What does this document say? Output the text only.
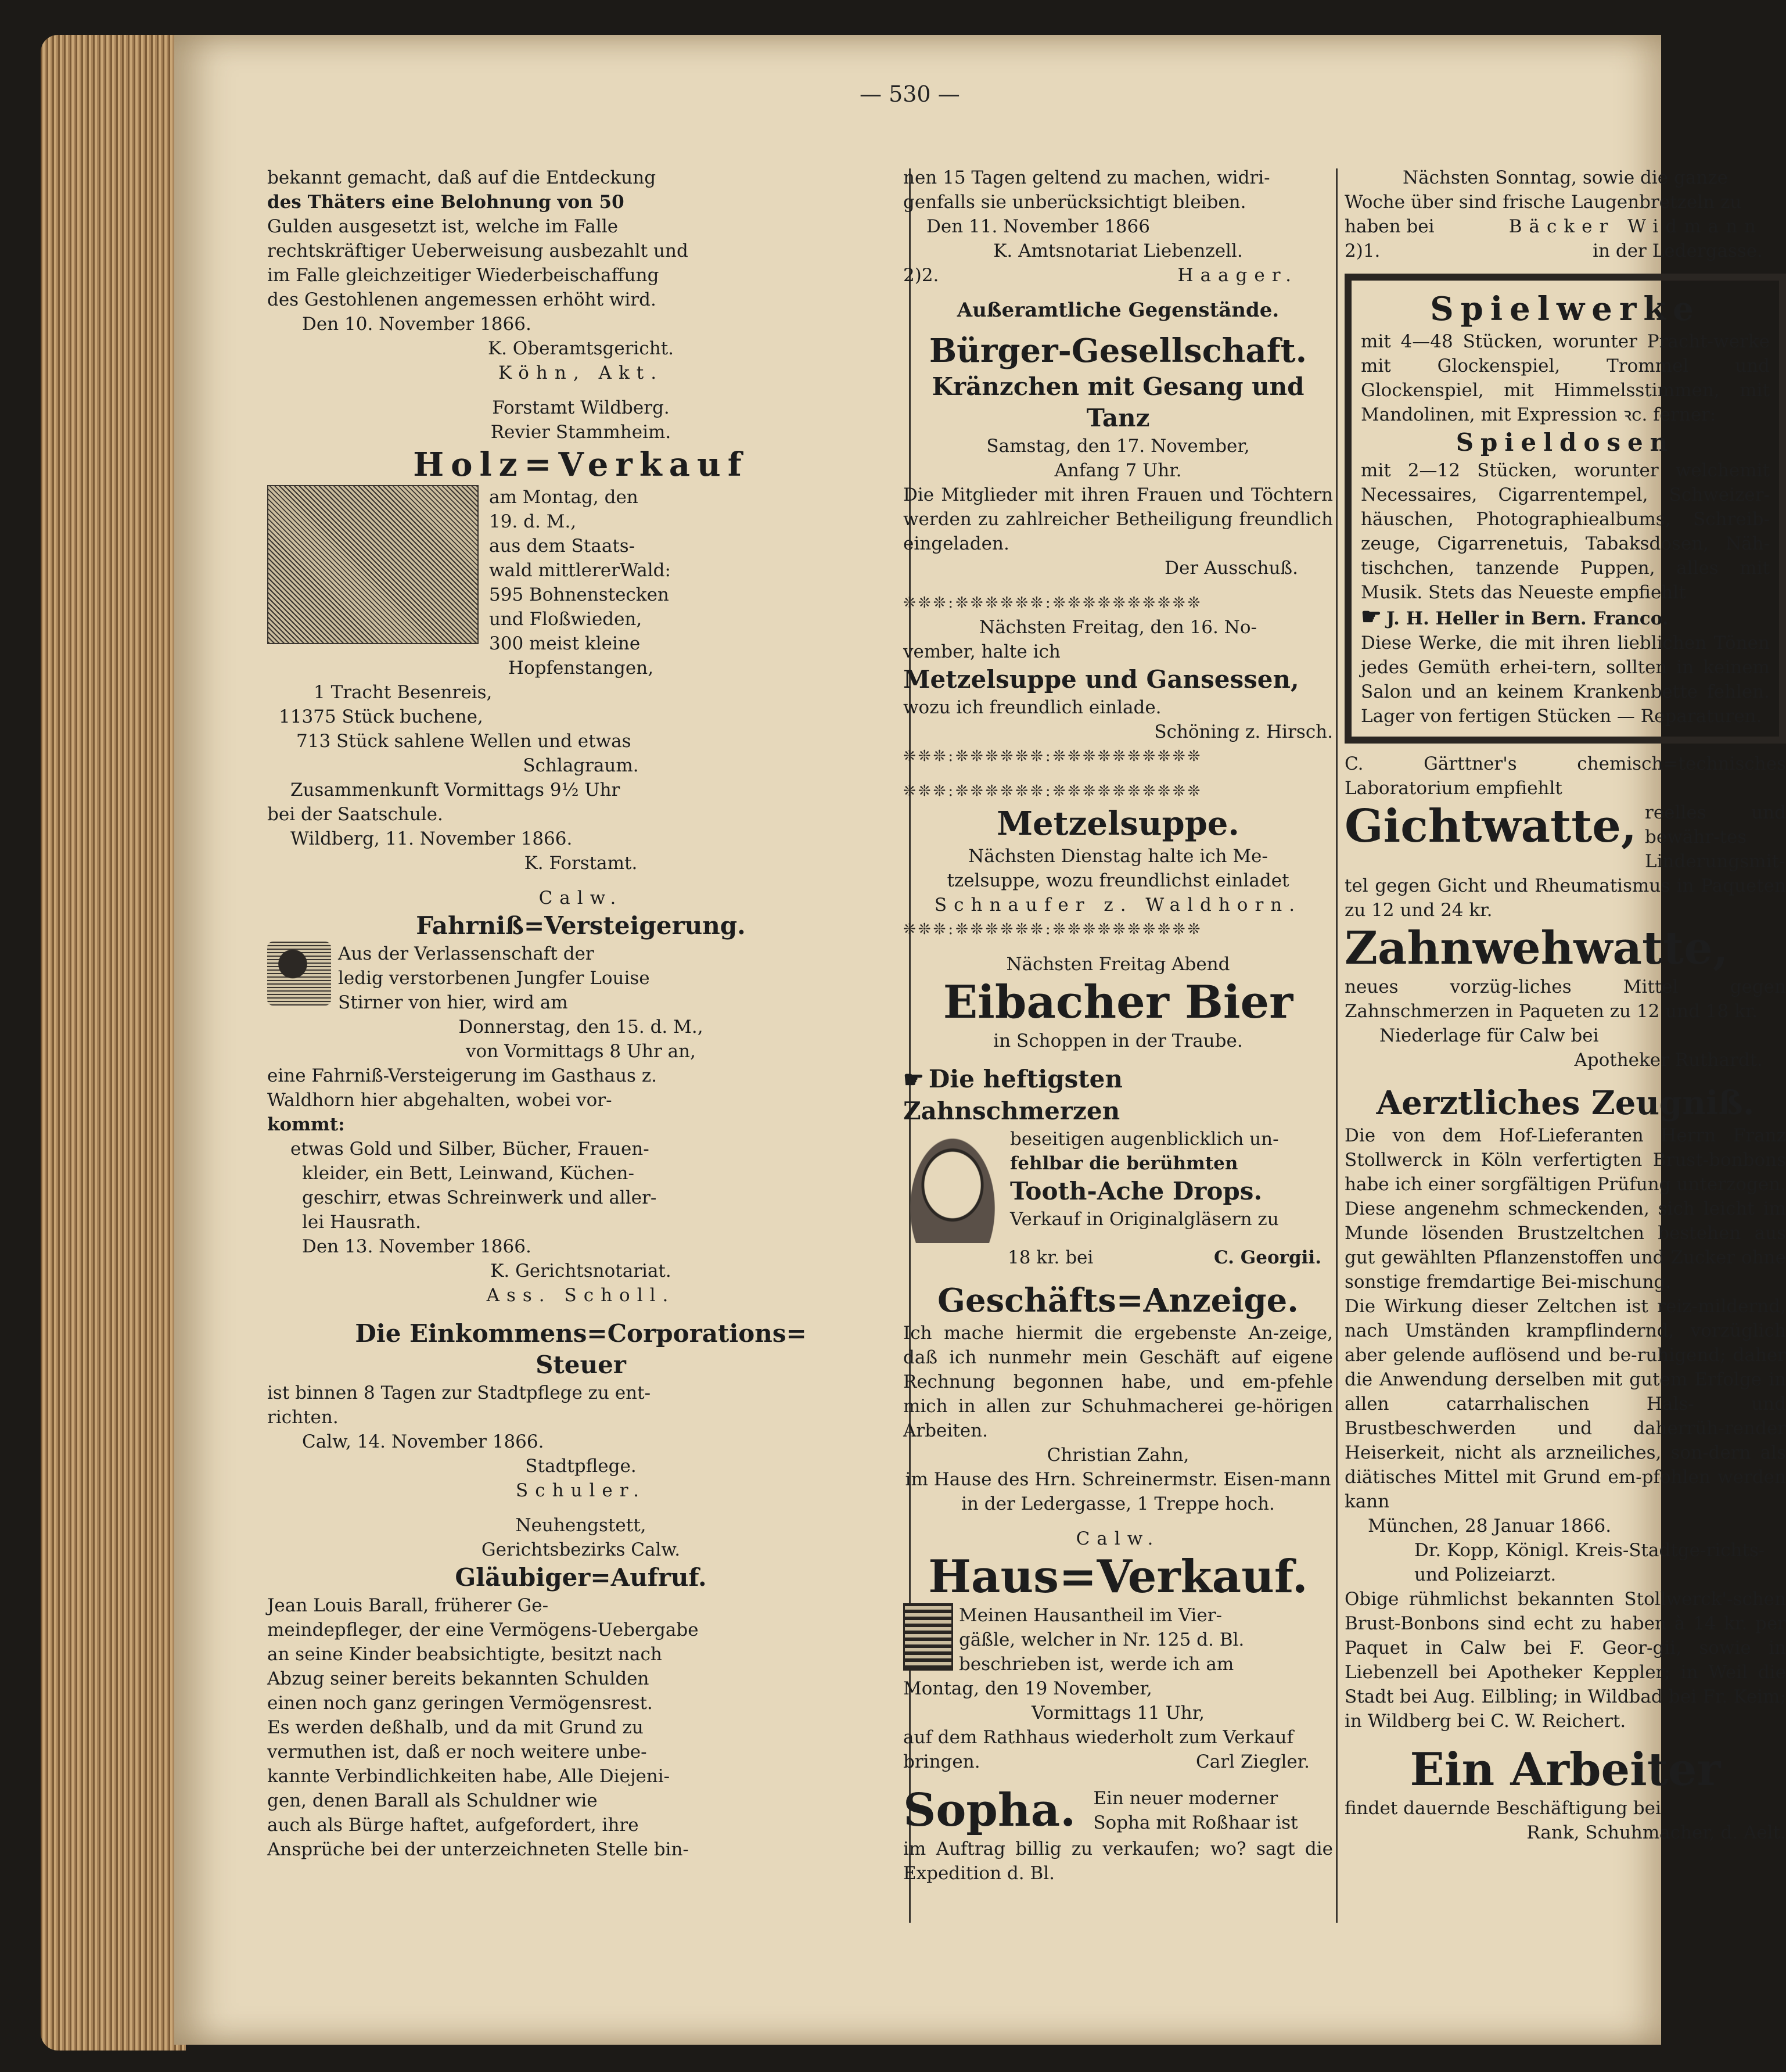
— 530 —
bekannt gemacht, daß auf die Entdeckung
des Thäters eine Belohnung von 50
Gulden ausgesetzt ist, welche im Falle
rechtskräftiger Ueberweisung ausbezahlt und
im Falle gleichzeitiger Wiederbeischaffung
des Gestohlenen angemessen erhöht wird.
Den 10. November 1866.
K. Oberamtsgericht.
Köhn, Akt.
Forstamt Wildberg.
Revier Stammheim.
Holz=Verkauf
am Montag, den
19. d. M.,
aus dem Staats-
wald mittlererWald:
595 Bohnenstecken
und Floßwieden,
300 meist kleine
Hopfenstangen,
1 Tracht Besenreis,
11375 Stück buchene,
713 Stück sahlene Wellen und etwas
Schlagraum.
Zusammenkunft Vormittags 9½ Uhr
bei der Saatschule.
Wildberg, 11. November 1866.
K. Forstamt.
Calw.
Fahrniß=Versteigerung.
Aus der Verlassenschaft der
ledig verstorbenen Jungfer Louise
Stirner von hier, wird am
Donnerstag, den 15. d. M.,
von Vormittags 8 Uhr an,
eine Fahrniß-Versteigerung im Gasthaus z.
Waldhorn hier abgehalten, wobei vor-
kommt:
etwas Gold und Silber, Bücher, Frauen-
kleider, ein Bett, Leinwand, Küchen-
geschirr, etwas Schreinwerk und aller-
lei Hausrath.
Den 13. November 1866.
K. Gerichtsnotariat.
Ass. Scholl.
Die Einkommens=Corporations=
Steuer
ist binnen 8 Tagen zur Stadtpflege zu ent-
richten.
Calw, 14. November 1866.
Stadtpflege.
Schuler.
Neuhengstett,
Gerichtsbezirks Calw.
Gläubiger=Aufruf.
Jean Louis Barall, früherer Ge-
meindepfleger, der eine Vermögens-Uebergabe
an seine Kinder beabsichtigte, besitzt nach
Abzug seiner bereits bekannten Schulden
einen noch ganz geringen Vermögensrest.
Es werden deßhalb, und da mit Grund zu
vermuthen ist, daß er noch weitere unbe-
kannte Verbindlichkeiten habe, Alle Diejeni-
gen, denen Barall als Schuldner wie
auch als Bürge haftet, aufgefordert, ihre
Ansprüche bei der unterzeichneten Stelle bin-
nen 15 Tagen geltend zu machen, widri-
genfalls sie unberücksichtigt bleiben.
Den 11. November 1866
K. Amtsnotariat Liebenzell.
2)2.	Haager.
Außeramtliche Gegenstände.
Bürger-Gesellschaft.
Kränzchen mit Gesang und Tanz
Samstag, den 17. November,
Anfang 7 Uhr.
Die Mitglieder mit ihren Frauen und Töchtern werden zu zahlreicher Betheiligung freundlich eingeladen.
Der Ausschuß.
❊❊❊:❊❊❊❊❊❊:❊❊❊❊❊❊❊❊❊❊
Nächsten Freitag, den 16. No-
vember, halte ich
Metzelsuppe und Gansessen,
wozu ich freundlich einlade.
Schöning z. Hirsch.
❊❊❊:❊❊❊❊❊❊:❊❊❊❊❊❊❊❊❊❊
❊❊❊:❊❊❊❊❊❊:❊❊❊❊❊❊❊❊❊❊
Metzelsuppe.
Nächsten Dienstag halte ich Me-
tzelsuppe, wozu freundlichst einladet
Schnaufer z. Waldhorn.
❊❊❊:❊❊❊❊❊❊:❊❊❊❊❊❊❊❊❊❊
Nächsten Freitag Abend
Eibacher Bier
in Schoppen in der Traube.
☛ Die heftigsten Zahnschmerzen
beseitigen augenblicklich un-
fehlbar die berühmten
Tooth-Ache Drops.
Verkauf in Originalgläsern zu
18 kr. bei	C. Georgii.
Geschäfts=Anzeige.
Ich mache hiermit die ergebenste An-zeige, daß ich nunmehr mein Geschäft auf eigene Rechnung begonnen habe, und em-pfehle mich in allen zur Schuhmacherei ge-hörigen Arbeiten.
Christian Zahn,
im Hause des Hrn. Schreinermstr. Eisen-mann in der Ledergasse, 1 Treppe hoch.
Calw.
Haus=Verkauf.
Meinen Hausantheil im Vier-
gäßle, welcher in Nr. 125 d. Bl.
beschrieben ist, werde ich am
Montag, den 19 November,
Vormittags 11 Uhr,
auf dem Rathhaus wiederholt zum Verkauf
bringen.	Carl Ziegler.
Sopha. Ein neuer moderner
Sopha mit Roßhaar ist
im Auftrag billig zu verkaufen; wo? sagt die Expedition d. Bl.
Nächsten Sonntag, sowie die ganze
Woche über sind frische Laugenbretzeln zu
haben bei	Bäcker Widmann
2)1.	in der Ledergasse.
Spielwerke
mit 4—48 Stücken, worunter Pracht-werke mit Glockenspiel, Trommel und Glockenspiel, mit Himmelsstimmen, mit Mandolinen, mit Expression ꝛc. ferner:
Spieldosen
mit 2—12 Stücken, worunter welchemit Necessaires, Cigarrentempel, Schweizer-häuschen, Photographiealbums, Schreib-zeuge, Cigarrenetuis, Tabaksdosen, Näh-tischchen, tanzende Puppen, alles mit Musik. Stets das Neueste empfiehlt
☛ J. H. Heller in Bern. Franco.
Diese Werke, die mit ihren lieblichen Tönen jedes Gemüth erhei-tern, sollten in keinem Salon und an keinem Krankenbette fehlen. Lager von fertigen Stücken — Reparaturen.
C. Gärttner's chemisch=technisches Laboratorium empfiehlt
Gichtwatte, reelles und bewähr-tes Linderungsmit-tel gegen Gicht und Rheumatismus in Paqueten zu 12 und 24 kr.
Zahnwehwatte,
neues vorzüg-liches Mittel gegen Zahnschmerzen in Paqueten zu 12 und 18 kr.
Niederlage für Calw bei
Apotheker Ruthardt.
Aerztliches Zeugniß.
Die von dem Hof-Lieferanten Herrn Franz Stollwerck in Köln verfertigten Brust-bonbons habe ich einer sorgfältigen Prüfung unterzogen. Diese angenehm schmeckenden, sich leicht im Munde lösenden Brustzeltchen bestehen aus gut gewählten Pflanzenstoffen und Zucker ohne sonstige fremdartige Bei-mischung.
Die Wirkung dieser Zeltchen ist reiz-mildernd, nach Umständen krampflindernd, vorzüglich aber gelende auflösend und be-ruhigend; daher die Anwendung derselben mit gutem Erfolge in allen catarrhalischen Hals- und Brustbeschwerden und daherrüh-render Heiserkeit, nicht als arzneiliches, son-dern als diätisches Mittel mit Grund em-pfohlen werden kann
München, 28 Januar 1866.
Dr. Kopp, Königl. Kreis-Stadtge-richts- und Polizeiarzt.
Obige rühmlichst bekannten Stollwerck'-schen Brust-Bonbons sind echt zu haben à 14 kr. per Paquet in Calw bei F. Geor-gii, sowie in Liebenzell bei Apotheker Keppler; in Weil die Stadt bei Aug. Eilbling; in Wildbad bei Fr. Keim; in Wildberg bei C. W. Reichert.
Ein Arbeiter
findet dauernde Beschäftigung bei
Rank, Schuhmacher, d. Aelt.
